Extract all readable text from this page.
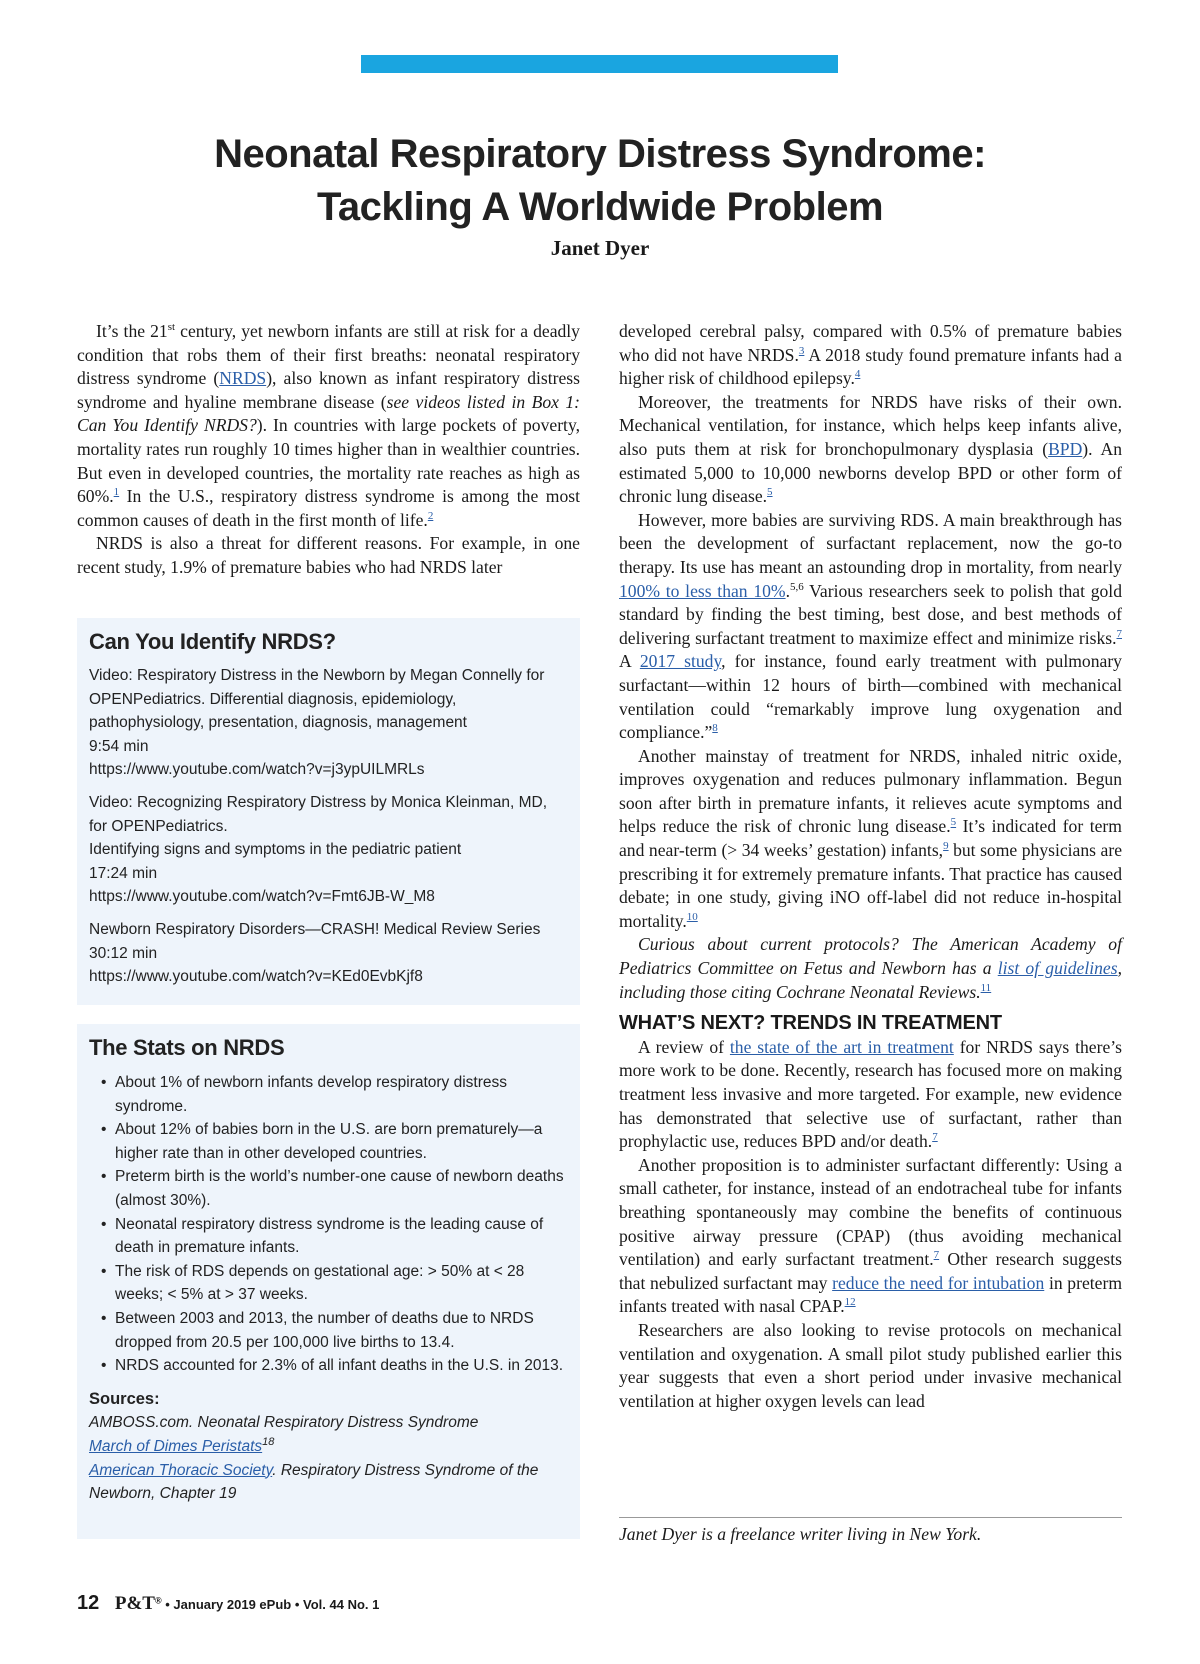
Neonatal Respiratory Distress Syndrome:
Tackling A Worldwide Problem
Janet Dyer

It’s the 21st century, yet newborn infants are still at risk for a deadly condition that robs them of their first breaths: neonatal respiratory distress syndrome (NRDS), also known as infant respiratory distress syndrome and hyaline membrane disease (see videos listed in Box 1: Can You Identify NRDS?). In countries with large pockets of poverty, mortality rates run roughly 10 times higher than in wealthier countries. But even in developed countries, the mortality rate reaches as high as 60%.$^1$ In the U.S., respiratory distress syndrome is among the most common causes of death in the first month of life.$^2$

NRDS is also a threat for different reasons. For example, in one recent study, 1.9% of premature babies who had NRDS later

Can You Identify NRDS?
Video: Respiratory Distress in the Newborn by Megan Connelly for OPENPediatrics. Differential diagnosis, epidemiology, pathophysiology, presentation, diagnosis, management
9:54 min
https://www.youtube.com/watch?v=j3ypUILMRLs
Video: Recognizing Respiratory Distress by Monica Kleinman, MD, for OPENPediatrics.
Identifying signs and symptoms in the pediatric patient
17:24 min
https://www.youtube.com/watch?v=Fmt6JB-W_M8
Newborn Respiratory Disorders—CRASH! Medical Review Series
30:12 min
https://www.youtube.com/watch?v=KEd0EvbKjf8
The Stats on NRDS
• About 1% of newborn infants develop respiratory distress syndrome.
• About 12% of babies born in the U.S. are born prematurely—a higher rate than in other developed countries.
• Preterm birth is the world’s number-one cause of newborn deaths (almost 30%).
• Neonatal respiratory distress syndrome is the leading cause of death in premature infants.
• The risk of RDS depends on gestational age: > 50% at < 28 weeks; < 5% at > 37 weeks.
• Between 2003 and 2013, the number of deaths due to NRDS dropped from 20.5 per 100,000 live births to 13.4.
• NRDS accounted for 2.3% of all infant deaths in the U.S. in 2013.
Sources:
AMBOSS.com. Neonatal Respiratory Distress Syndrome
March of Dimes Peristats$^{18}$
American Thoracic Society. Respiratory Distress Syndrome of the Newborn, Chapter 19

developed cerebral palsy, compared with 0.5% of premature babies who did not have NRDS.$^3$ A 2018 study found premature infants had a higher risk of childhood epilepsy.$^4$

Moreover, the treatments for NRDS have risks of their own. Mechanical ventilation, for instance, which helps keep infants alive, also puts them at risk for bronchopulmonary dysplasia (BPD). An estimated 5,000 to 10,000 newborns develop BPD or other form of chronic lung disease.$^5$

However, more babies are surviving RDS. A main breakthrough has been the development of surfactant replacement, now the go-to therapy. Its use has meant an astounding drop in mortality, from nearly 100% to less than 10%.$^{5,6}$ Various researchers seek to polish that gold standard by finding the best timing, best dose, and best methods of delivering surfactant treatment to maximize effect and minimize risks.$^7$ A 2017 study, for instance, found early treatment with pulmonary surfactant—within 12 hours of birth—combined with mechanical ventilation could “remarkably improve lung oxygenation and compliance.”$^8$

Another mainstay of treatment for NRDS, inhaled nitric oxide, improves oxygenation and reduces pulmonary inflammation. Begun soon after birth in premature infants, it relieves acute symptoms and helps reduce the risk of chronic lung disease.$^5$ It’s indicated for term and near-term (> 34 weeks’ gestation) infants,$^9$ but some physicians are prescribing it for extremely premature infants. That practice has caused debate; in one study, giving iNO off-label did not reduce in-hospital mortality.$^{10}$

Curious about current protocols? The American Academy of Pediatrics Committee on Fetus and Newborn has a list of guidelines, including those citing Cochrane Neonatal Reviews.$^{11}$

WHAT’S NEXT? TRENDS IN TREATMENT

A review of the state of the art in treatment for NRDS says there’s more work to be done. Recently, research has focused more on making treatment less invasive and more targeted. For example, new evidence has demonstrated that selective use of surfactant, rather than prophylactic use, reduces BPD and/or death.$^7$

Another proposition is to administer surfactant differently: Using a small catheter, for instance, instead of an endotracheal tube for infants breathing spontaneously may combine the benefits of continuous positive airway pressure (CPAP) (thus avoiding mechanical ventilation) and early surfactant treatment.$^7$ Other research suggests that nebulized surfactant may reduce the need for intubation in preterm infants treated with nasal CPAP.$^{12}$

Researchers are also looking to revise protocols on mechanical ventilation and oxygenation. A small pilot study published earlier this year suggests that even a short period under invasive mechanical ventilation at higher oxygen levels can lead

Janet Dyer is a freelance writer living in New York.
12 P&T® • January 2019 ePub • Vol. 44 No. 1
